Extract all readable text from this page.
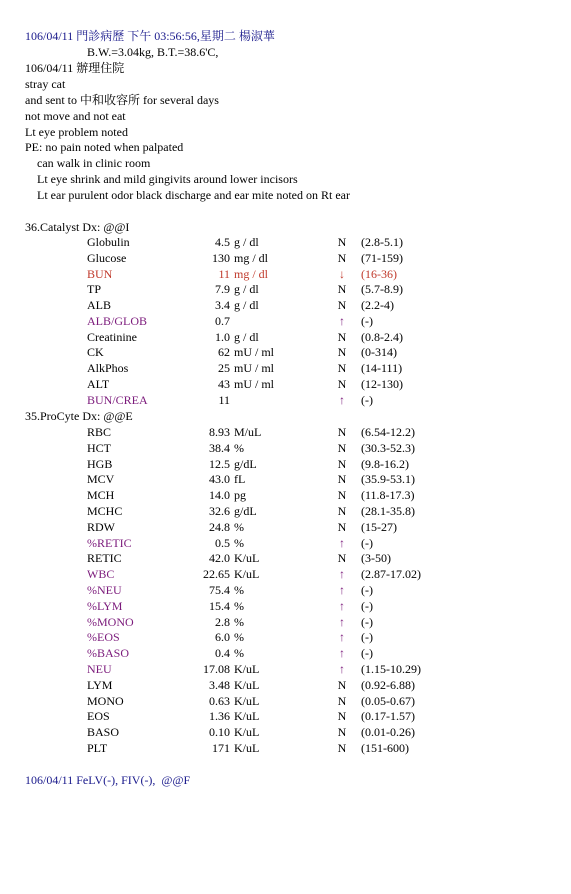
106/04/11 門診病歷 下午 03:56:56,星期二 楊淑華
B.W.=3.04kg, B.T.=38.6'C,
106/04/11 辦理住院
stray cat
and sent to 中和收容所 for several days
not move and not eat
Lt eye problem noted
PE: no pain noted when palpated
can walk in clinic room
Lt eye shrink and mild gingivits around lower incisors
Lt ear purulent odor black discharge and ear mite noted on Rt ear
36.Catalyst Dx: @@I
Globulin	4.5 g / dl	N (2.8-5.1)
Glucose	130 mg / dl	N (71-159)
BUN	11 mg / dl	↓ (16-36)
TP	7.9 g / dl	N (5.7-8.9)
ALB	3.4 g / dl	N (2.2-4)
ALB/GLOB	0.7	↑ (-)
Creatinine	1.0 g / dl	N (0.8-2.4)
CK	62 mU / ml	N (0-314)
AlkPhos	25 mU / ml	N (14-111)
ALT	43 mU / ml	N (12-130)
BUN/CREA	11	↑ (-)
35.ProCyte Dx: @@E
RBC	8.93 M/uL	N (6.54-12.2)
HCT	38.4 %	N (30.3-52.3)
HGB	12.5 g/dL	N (9.8-16.2)
MCV	43.0 fL	N (35.9-53.1)
MCH	14.0 pg	N (11.8-17.3)
MCHC	32.6 g/dL	N (28.1-35.8)
RDW	24.8 %	N (15-27)
%RETIC	0.5 %	↑ (-)
RETIC	42.0 K/uL	N (3-50)
WBC	22.65 K/uL	↑ (2.87-17.02)
%NEU	75.4 %	↑ (-)
%LYM	15.4 %	↑ (-)
%MONO	2.8 %	↑ (-)
%EOS	6.0 %	↑ (-)
%BASO	0.4 %	↑ (-)
NEU	17.08 K/uL	↑ (1.15-10.29)
LYM	3.48 K/uL	N (0.92-6.88)
MONO	0.63 K/uL	N (0.05-0.67)
EOS	1.36 K/uL	N (0.17-1.57)
BASO	0.10 K/uL	N (0.01-0.26)
PLT	171 K/uL	N (151-600)
106/04/11 FeLV(-), FIV(-),  @@F
